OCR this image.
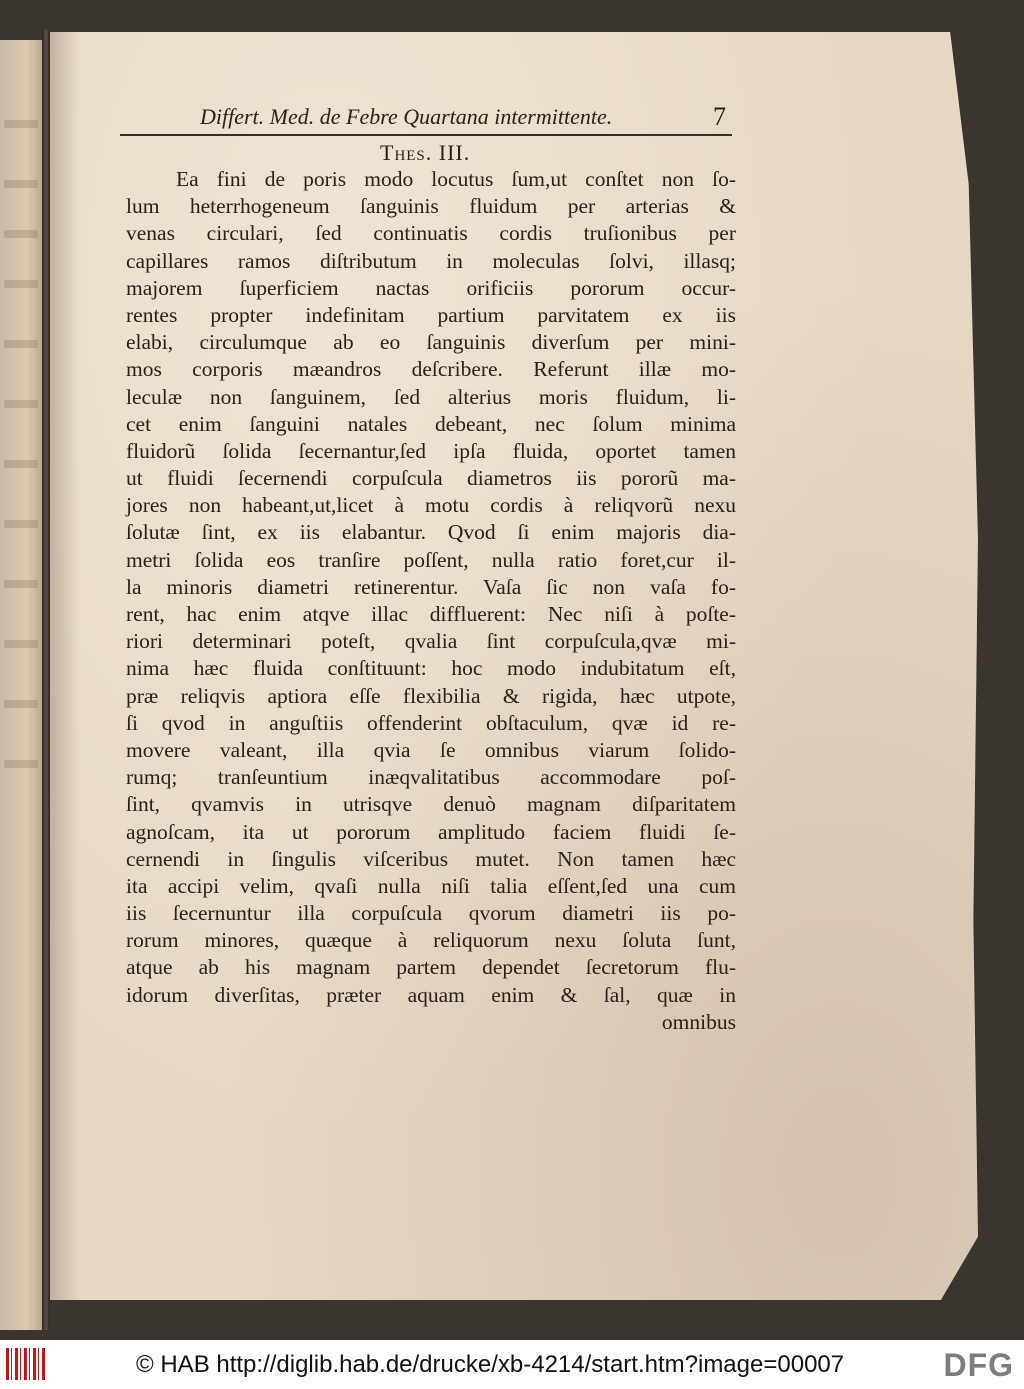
Differt. Med. de Febre Quartana intermittente.	7
Thes. III.
Ea fini de poris modo locutus ſum,ut conſtet non ſo-
lum heterrhogeneum ſanguinis fluidum per arterias &
venas circulari, ſed continuatis cordis truſionibus per
capillares ramos diſtributum in moleculas ſolvi, illasq;
majorem ſuperficiem nactas orificiis pororum occur-
rentes propter indefinitam partium parvitatem ex iis
elabi, circulumque ab eo ſanguinis diverſum per mini-
mos corporis mæandros deſcribere. Referunt illæ mo-
leculæ non ſanguinem, ſed alterius moris fluidum, li-
cet enim ſanguini natales debeant, nec ſolum minima
fluidorũ ſolida ſecernantur,ſed ipſa fluida, oportet tamen
ut fluidi ſecernendi corpuſcula diametros iis pororũ ma-
jores non habeant,ut,licet à motu cordis à reliqvorũ nexu
ſolutæ ſint, ex iis elabantur. Qvod ſi enim majoris dia-
metri ſolida eos tranſire poſſent, nulla ratio foret,cur il-
la minoris diametri retinerentur. Vaſa ſic non vaſa fo-
rent, hac enim atqve illac diffluerent: Nec niſi à poſte-
riori determinari poteſt, qvalia ſint corpuſcula,qvæ mi-
nima hæc fluida conſtituunt: hoc modo indubitatum eſt,
præ reliqvis aptiora eſſe flexibilia & rigida, hæc utpote,
ſi qvod in anguſtiis offenderint obſtaculum, qvæ id re-
movere valeant, illa qvia ſe omnibus viarum ſolido-
rumq; tranſeuntium inæqvalitatibus accommodare poſ-
ſint, qvamvis in utrisqve denuò magnam diſparitatem
agnoſcam, ita ut pororum amplitudo faciem fluidi ſe-
cernendi in ſingulis viſceribus mutet. Non tamen hæc
ita accipi velim, qvaſi nulla niſi talia eſſent,ſed una cum
iis ſecernuntur illa corpuſcula qvorum diametri iis po-
rorum minores, quæque à reliquorum nexu ſoluta ſunt,
atque ab his magnam partem dependet ſecretorum flu-
idorum diverſitas, præter aquam enim & ſal, quæ in
omnibus
© HAB http://diglib.hab.de/drucke/xb-4214/start.htm?image=00007	DFG
